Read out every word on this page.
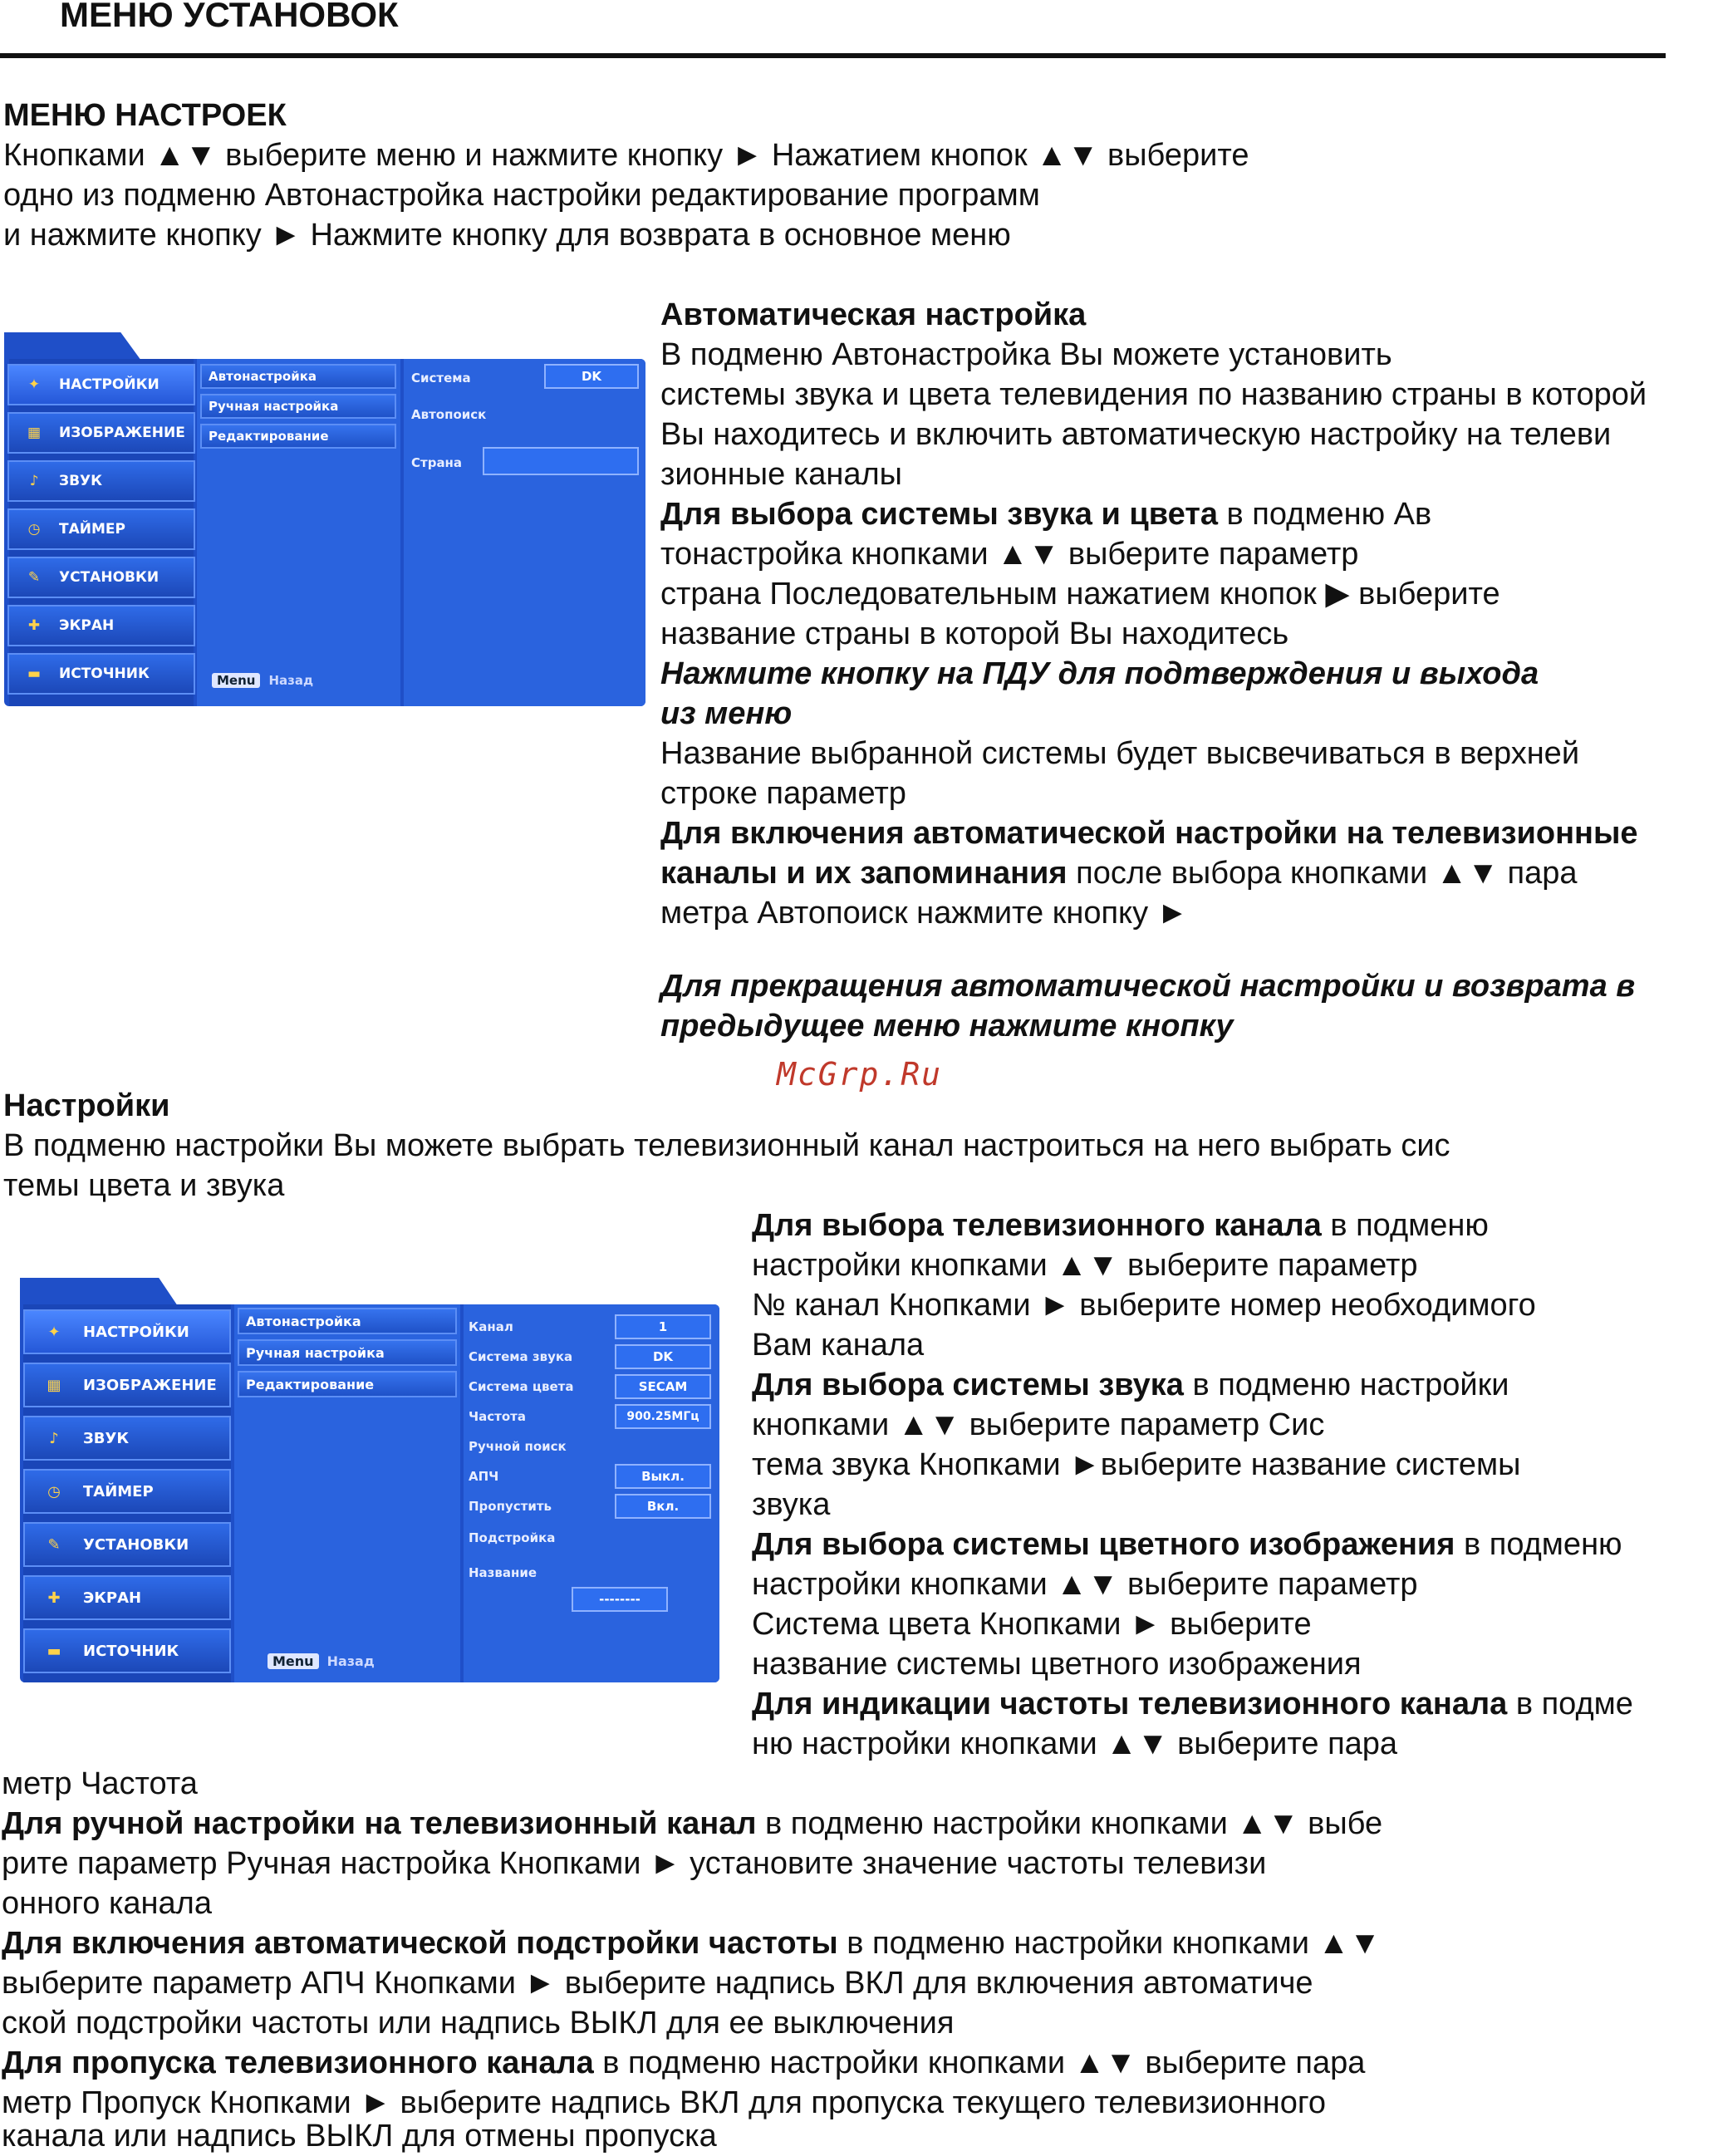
МЕНЮ УСТАНОВОК
МЕНЮ НАСТРОЕК
Кнопками ▲▼ выберите меню и нажмите кнопку ► Нажатием кнопок ▲▼ выберите
одно из подменю Автонастройка настройки редактирование программ
и нажмите кнопку ► Нажмите кнопку для возврата в основное меню
✦	НАСТРОЙКИ
▦	ИЗОБРАЖЕНИЕ
♪	ЗВУК
◷	ТАЙМЕР
✎	УСТАНОВКИ
✚	ЭКРАН
▬	ИСТОЧНИК
Автонастройка
Ручная настройка
Редактирование
Menu Назад
Система	DK
Автопоиск
Страна
Автоматическая настройка
В подменю Автонастройка Вы можете установить
системы звука и цвета телевидения по названию страны в которой
Вы находитесь и включить автоматическую настройку на телеви
зионные каналы
Для выбора системы звука и цвета в подменю Ав
тонастройка кнопками ▲▼ выберите параметр
страна Последовательным нажатием кнопок ▶ выберите
название страны в которой Вы находитесь
Нажмите кнопку на ПДУ для подтверждения и выхода
из меню
Название выбранной системы будет высвечиваться в верхней
строке параметр
Для включения автоматической настройки на телевизионные
каналы и их запоминания после выбора кнопками ▲▼ пара
метра Автопоиск нажмите кнопку ►
Для прекращения автоматической настройки и возврата в
предыдущее меню нажмите кнопку
McGrp.Ru
Настройки
В подменю настройки Вы можете выбрать телевизионный канал настроиться на него выбрать сис
темы цвета и звука
✦	НАСТРОЙКИ
▦	ИЗОБРАЖЕНИЕ
♪	ЗВУК
◷	ТАЙМЕР
✎	УСТАНОВКИ
✚	ЭКРАН
▬	ИСТОЧНИК
Автонастройка
Ручная настройка
Редактирование
Menu Назад
Канал	1
Система звука	DK
Система цвета	SECAM
Частота	900.25МГц
Ручной поиск
АПЧ	Выкл.
Пропустить	Вкл.
Подстройка
Название
--------
Для выбора телевизионного канала в подменю
настройки кнопками ▲▼ выберите параметр
№ канал Кнопками ► выберите номер необходимого
Вам канала
Для выбора системы звука в подменю настройки
кнопками ▲▼ выберите параметр Сис
тема звука Кнопками ►выберите название системы
звука
Для выбора системы цветного изображения в подменю
настройки кнопками ▲▼ выберите параметр
Система цвета Кнопками ► выберите
название системы цветного изображения
Для индикации частоты телевизионного канала в подме
ню настройки кнопками ▲▼ выберите пара
метр Частота
Для ручной настройки на телевизионный канал в подменю настройки кнопками ▲▼ выбе
рите параметр Ручная настройка Кнопками ► установите значение частоты телевизи
онного канала
Для включения автоматической подстройки частоты в подменю настройки кнопками ▲▼
выберите параметр АПЧ Кнопками ► выберите надпись ВКЛ для включения автоматиче
ской подстройки частоты или надпись ВЫКЛ для ее выключения
Для пропуска телевизионного канала в подменю настройки кнопками ▲▼ выберите пара
метр Пропуск Кнопками ► выберите надпись ВКЛ для пропуска текущего телевизионного
канала или надпись ВЫКЛ для отмены пропуска
